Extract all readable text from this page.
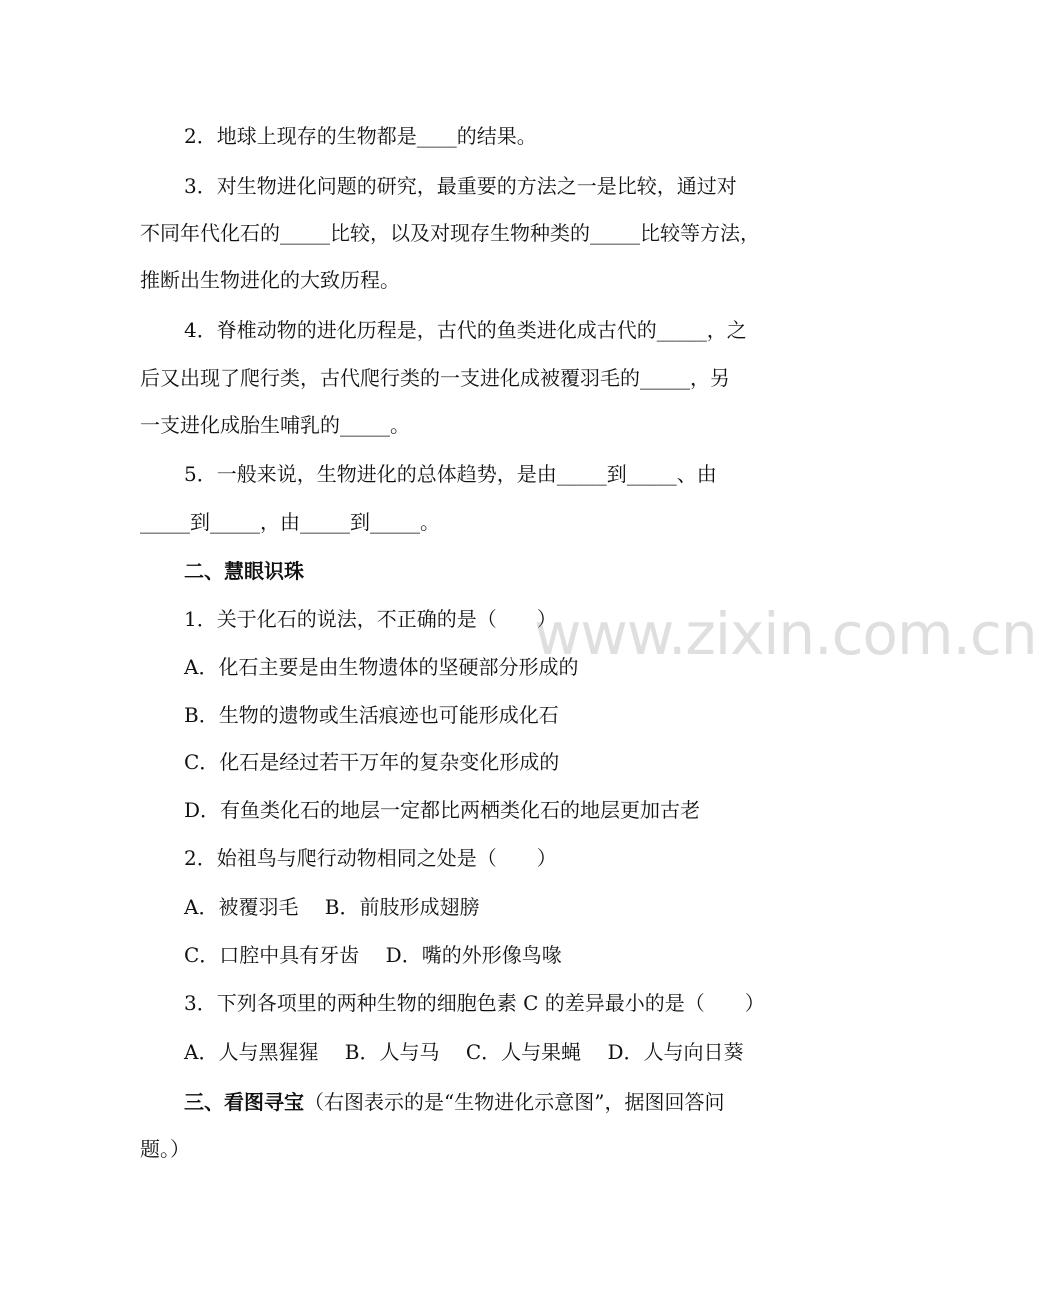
2．地球上现存的生物都是____的结果。
3．对生物进化问题的研究，最重要的方法之一是比较，通过对
不同年代化石的_____比较，以及对现存生物种类的_____比较等方法，
推断出生物进化的大致历程。
4．脊椎动物的进化历程是，古代的鱼类进化成古代的_____，之
后又出现了爬行类，古代爬行类的一支进化成被覆羽毛的_____，另
一支进化成胎生哺乳的_____。
5．一般来说，生物进化的总体趋势，是由_____到_____、由
_____到_____，由_____到_____。
二、慧眼识珠
1．关于化石的说法，不正确的是（　　）
A．化石主要是由生物遗体的坚硬部分形成的
B．生物的遗物或生活痕迹也可能形成化石
C．化石是经过若干万年的复杂变化形成的
D．有鱼类化石的地层一定都比两栖类化石的地层更加古老
2．始祖鸟与爬行动物相同之处是（　　）
A．被覆羽毛　 B．前肢形成翅膀
C．口腔中具有牙齿　 D．嘴的外形像鸟喙
3．下列各项里的两种生物的细胞色素 C 的差异最小的是（　　）
A．人与黑猩猩　 B．人与马　 C．人与果蝇　 D．人与向日葵
三、看图寻宝（右图表示的是“生物进化示意图”，据图回答问
题。）
www.zixin.com.cn
